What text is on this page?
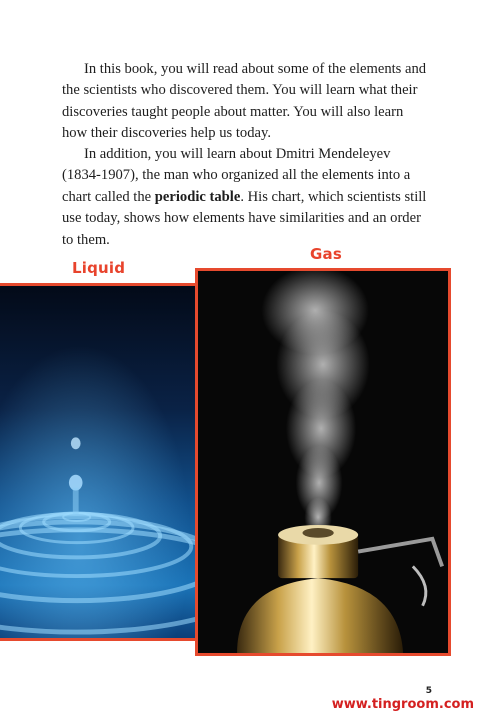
In this book, you will read about some of the elements and the scientists who discovered them. You will learn what their discoveries taught people about matter. You will also learn how their discoveries help us today.

In addition, you will learn about Dmitri Mendeleyev (1834-1907), the man who organized all the elements into a chart called the periodic table. His chart, which scientists still use today, shows how elements have similarities and an order to them.

Liquid
Gas
5
www.tingroom.com
